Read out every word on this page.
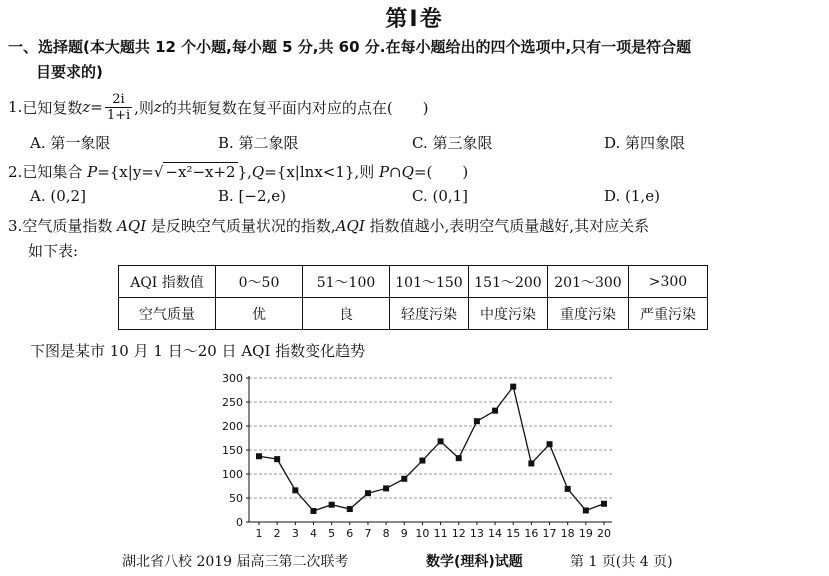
第Ⅰ卷
一、选择题(本大题共 12 个小题,每小题 5 分,共 60 分.在每小题给出的四个选项中,只有一项是符合题
目要求的)
1. 已知复数 $z = \frac{2i}{1+i}$ ,则 z 的共轭复数在复平面内对应的点在(　　)
A. 第一象限	B. 第二象限	C. 第三象限	D. 第四象限
2.已知集合 P={x|y=√ −x²−x+2 },Q={x|lnx<1},则 P∩Q=(　　)
A. (0,2]	B. [−2,e)	C. (0,1]	D. (1,e)
3.空气质量指数 AQI 是反映空气质量状况的指数,AQI 指数值越小,表明空气质量越好,其对应关系
如下表:
AQI 指数值	0～50	51～100	101～150	151～200	201～300	>300
空气质量	优	良	轻度污染	中度污染	重度污染	严重污染
下图是某市 10 月 1 日～20 日 AQI 指数变化趋势
0
50
100
150
200
250
300
1 2 3 4 5 6 7 8 9 10 11 12 13 14 15 16 17 18 19 20
湖北省八校 2019 届高三第二次联考	数学(理科)试题	第 1 页(共 4 页)
